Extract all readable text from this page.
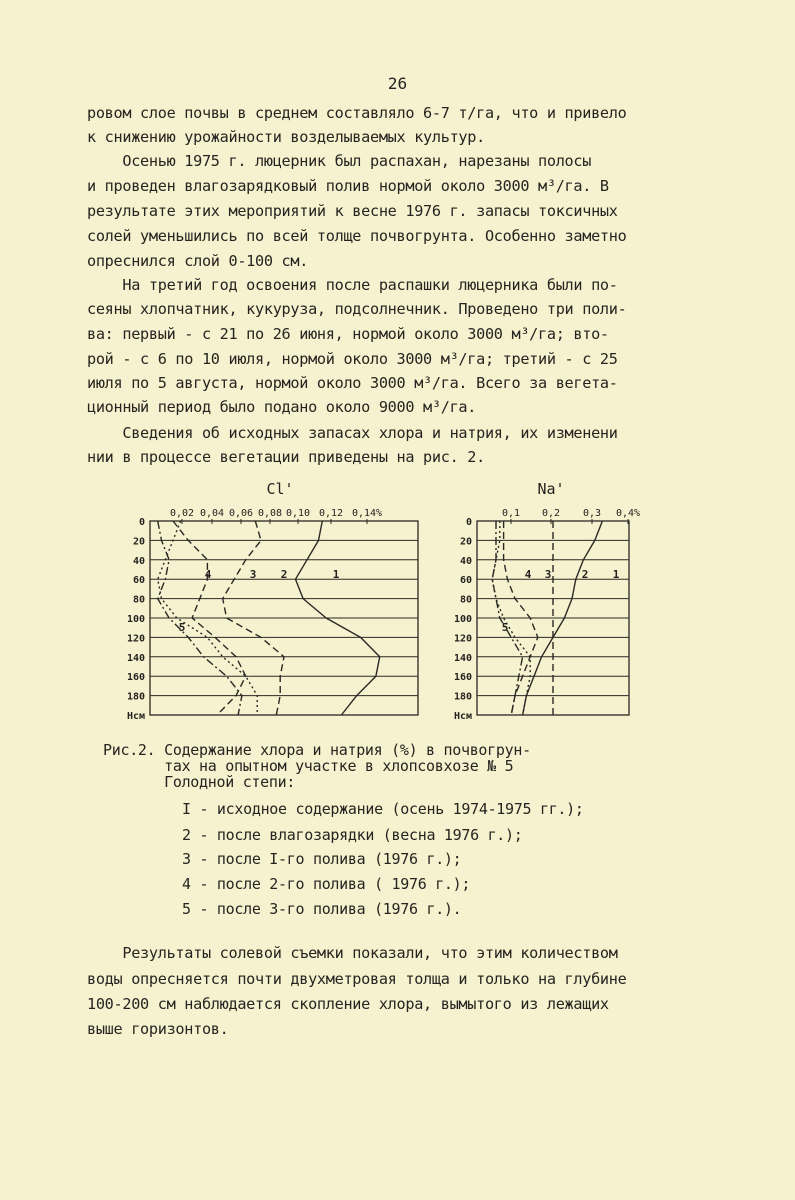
26
ровом слое почвы в среднем составляло 6-7 т/га, что и привело
к снижению урожайности возделываемых культур.
Осенью 1975 г. люцерник был распахан, нарезаны полосы
и проведен влагозарядковый полив нормой около 3000 м³/га. В
результате этих мероприятий к весне 1976 г. запасы токсичных
солей уменьшились по всей толще почвогрунта. Особенно заметно
опреснился слой 0-100 см.
На третий год освоения после распашки люцерника были по-
сеяны хлопчатник, кукуруза, подсолнечник. Проведено три поли-
ва: первый - с 21 по 26 июня, нормой около 3000 м³/га; вто-
рой - с 6 по 10 июля, нормой около 3000 м³/га; третий - с 25
июля по 5 августа, нормой около 3000 м³/га. Всего за вегета-
ционный период было подано около 9000 м³/га.
Сведения об исходных запасах хлора и натрия, их изменени
нии в процессе вегетации приведены на рис. 2.
Cl'
0
20
40
60
80
100
120
140
160
180
Нсм
0,02 0,04 0,06 0,08 0,10 0,12 0,14%
1
2
3
4
5
Na'
0
20
40
60
80
100
120
140
160
180
Нсм
0,1 0,2 0,3 0,4%
1
2
3
4
5
Рис.2. Содержание хлора и натрия (%) в почвогрун-
тах на опытном участке в хлопсовхозе № 5
Голодной степи:
I - исходное содержание (осень 1974-1975 гг.);
2 - после влагозарядки (весна 1976 г.);
3 - после I-го полива (1976 г.);
4 - после 2-го полива ( 1976 г.);
5 - после 3-го полива (1976 г.).
Результаты солевой съемки показали, что этим количеством
воды опресняется почти двухметровая толща и только на глубине
100-200 см наблюдается скопление хлора, вымытого из лежащих
выше горизонтов.
